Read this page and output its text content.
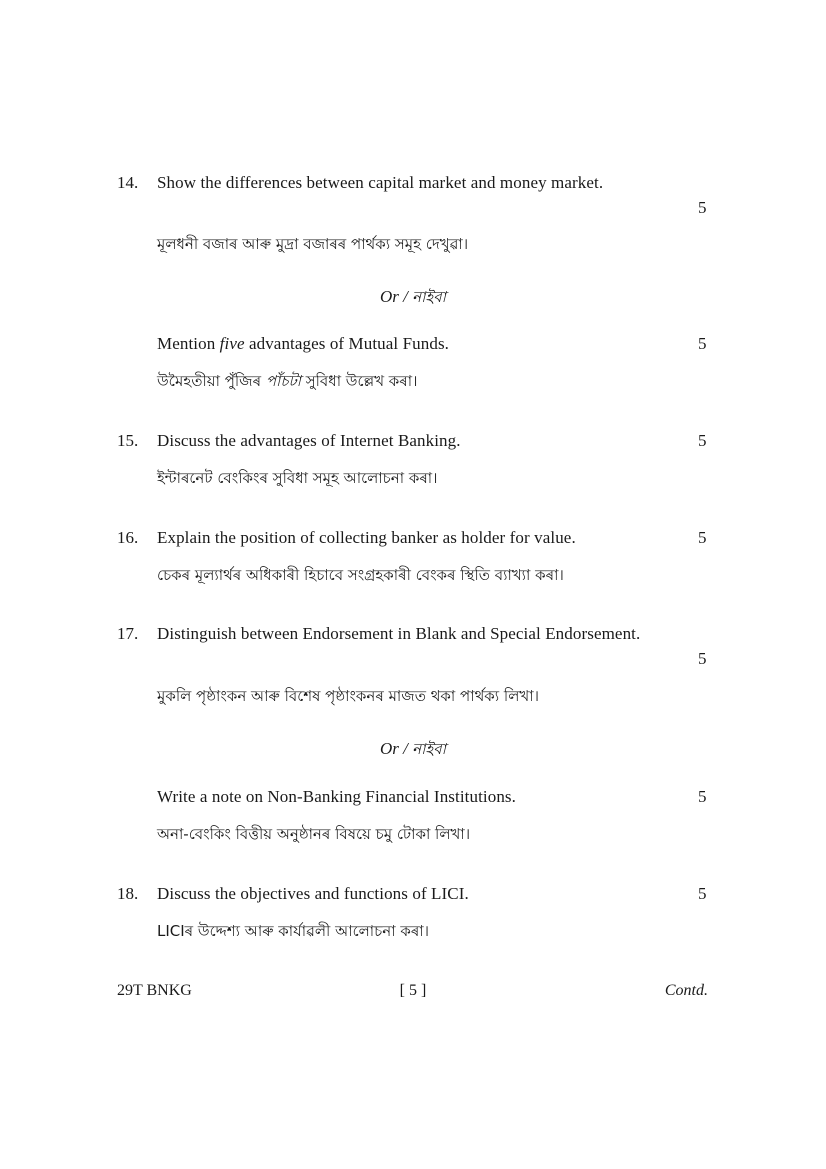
14. Show the differences between capital market and money market.
5
মূলধনী বজাৰ আৰু মুদ্ৰা বজাৰৰ পাৰ্থক্য সমূহ দেখুৱা।
Or / নাইবা
Mention five advantages of Mutual Funds.	5
উমৈহতীয়া পুঁজিৰ পাঁচটা সুবিধা উল্লেখ কৰা।
15. Discuss the advantages of Internet Banking.	5
ইন্টাৰনেট বেংকিংৰ সুবিধা সমূহ আলোচনা কৰা।
16. Explain the position of collecting banker as holder for value.	5
চেকৰ মূল্যাৰ্থৰ অধিকাৰী হিচাবে সংগ্ৰহকাৰী বেংকৰ স্থিতি ব্যাখ্যা কৰা।
17. Distinguish between Endorsement in Blank and Special Endorsement.
5
মুকলি পৃষ্ঠাংকন আৰু বিশেষ পৃষ্ঠাংকনৰ মাজত থকা পাৰ্থক্য লিখা।
Or / নাইবা
Write a note on Non-Banking Financial Institutions.	5
অনা-বেংকিং বিত্তীয় অনুষ্ঠানৰ বিষয়ে চমু টোকা লিখা।
18. Discuss the objectives and functions of LICI.	5
LICIৰ উদ্দেশ্য আৰু কাৰ্যাৱলী আলোচনা কৰা।
29T BNKG	[ 5 ]	Contd.
